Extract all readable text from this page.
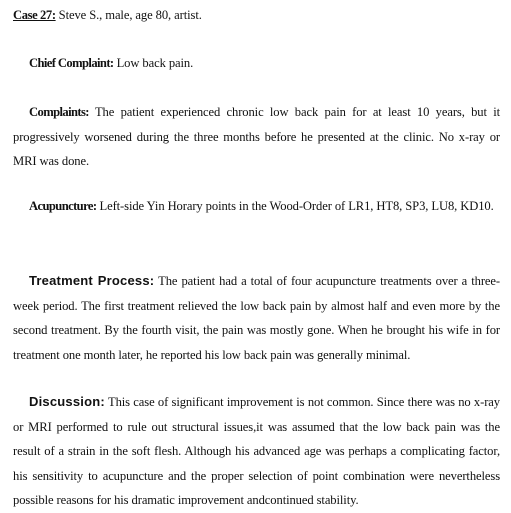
Case 27: Steve S., male, age 80, artist.
Chief Complaint: Low back pain.
Complaints: The patient experienced chronic low back pain for at least 10 years, but it progressively worsened during the three months before he presented at the clinic. No x-ray or MRI was done.
Acupuncture: Left-side Yin Horary points in the Wood-Order of LR1, HT8, SP3, LU8, KD10.
Treatment Process: The patient had a total of four acupuncture treatments over a three-week period. The first treatment relieved the low back pain by almost half and even more by the second treatment. By the fourth visit, the pain was mostly gone. When he brought his wife in for treatment one month later, he reported his low back pain was generally minimal.
Discussion: This case of significant improvement is not common. Since there was no x-ray or MRI performed to rule out structural issues,it was assumed that the low back pain was the result of a strain in the soft flesh. Although his advanced age was perhaps a complicating factor, his sensitivity to acupuncture and the proper selection of point combination were nevertheless possible reasons for his dramatic improvement andcontinued stability.
